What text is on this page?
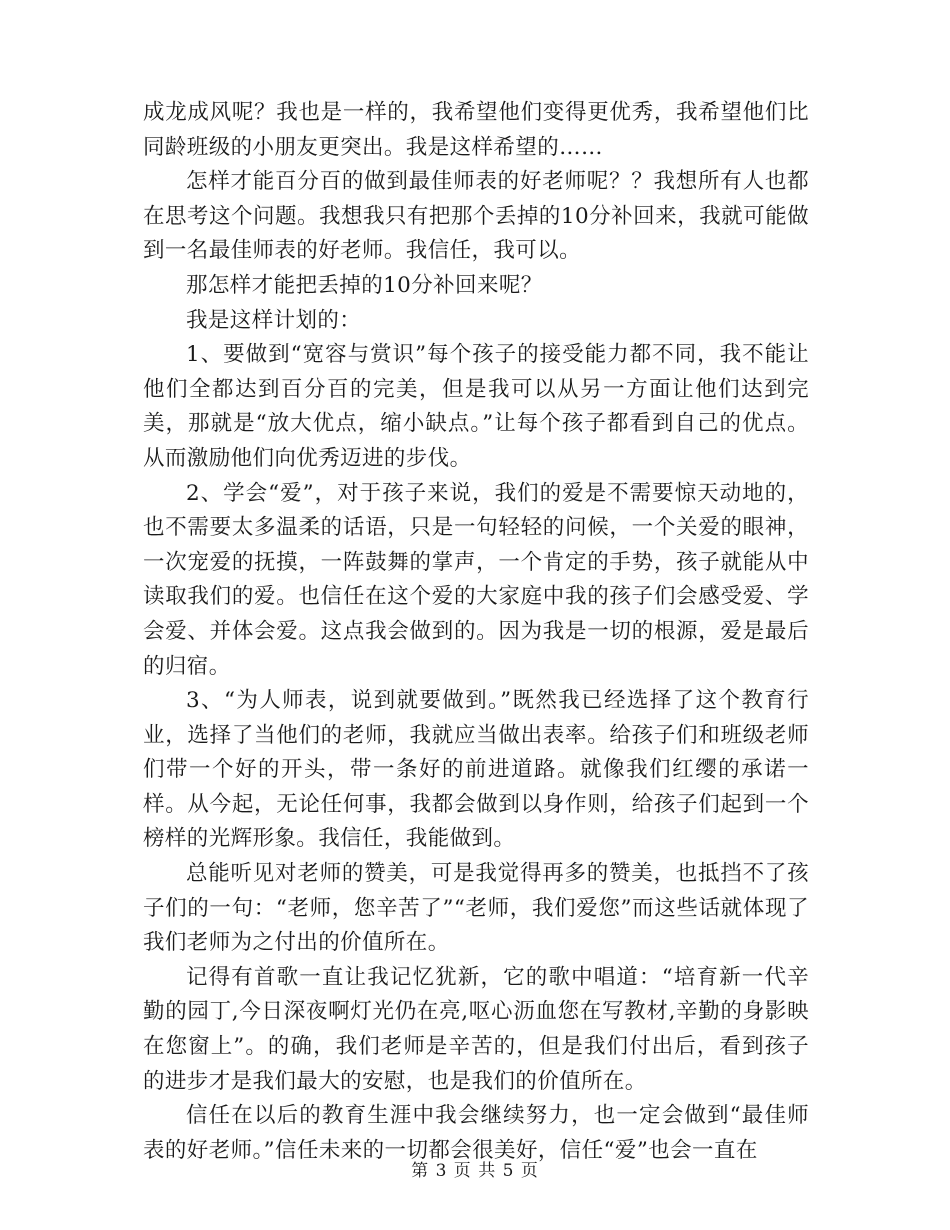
成龙成风呢？我也是一样的，我希望他们变得更优秀，我希望他们比同龄班级的小朋友更突出。我是这样希望的……

怎样才能百分百的做到最佳师表的好老师呢？？我想所有人也都在思考这个问题。我想我只有把那个丢掉的10分补回来，我就可能做到一名最佳师表的好老师。我信任，我可以。

那怎样才能把丢掉的10分补回来呢？

我是这样计划的：

1、要做到“宽容与赏识”每个孩子的接受能力都不同，我不能让他们全都达到百分百的完美，但是我可以从另一方面让他们达到完美，那就是“放大优点，缩小缺点。”让每个孩子都看到自己的优点。从而激励他们向优秀迈进的步伐。

2、学会“爱”，对于孩子来说，我们的爱是不需要惊天动地的，也不需要太多温柔的话语，只是一句轻轻的问候，一个关爱的眼神，一次宠爱的抚摸，一阵鼓舞的掌声，一个肯定的手势，孩子就能从中读取我们的爱。也信任在这个爱的大家庭中我的孩子们会感受爱、学会爱、并体会爱。这点我会做到的。因为我是一切的根源，爱是最后的归宿。

3、“为人师表，说到就要做到。”既然我已经选择了这个教育行业，选择了当他们的老师，我就应当做出表率。给孩子们和班级老师们带一个好的开头，带一条好的前进道路。就像我们红缨的承诺一样。从今起，无论任何事，我都会做到以身作则，给孩子们起到一个榜样的光辉形象。我信任，我能做到。

总能听见对老师的赞美，可是我觉得再多的赞美，也抵挡不了孩子们的一句：“老师，您辛苦了”“老师，我们爱您”而这些话就体现了我们老师为之付出的价值所在。

记得有首歌一直让我记忆犹新，它的歌中唱道：“培育新一代辛勤的园丁,今日深夜啊灯光仍在亮,呕心沥血您在写教材,辛勤的身影映在您窗上”。的确，我们老师是辛苦的，但是我们付出后，看到孩子的进步才是我们最大的安慰，也是我们的价值所在。

信任在以后的教育生涯中我会继续努力，也一定会做到“最佳师表的好老师。”信任未来的一切都会很美好，信任“爱”也会一直在

第 3 页 共 5 页
